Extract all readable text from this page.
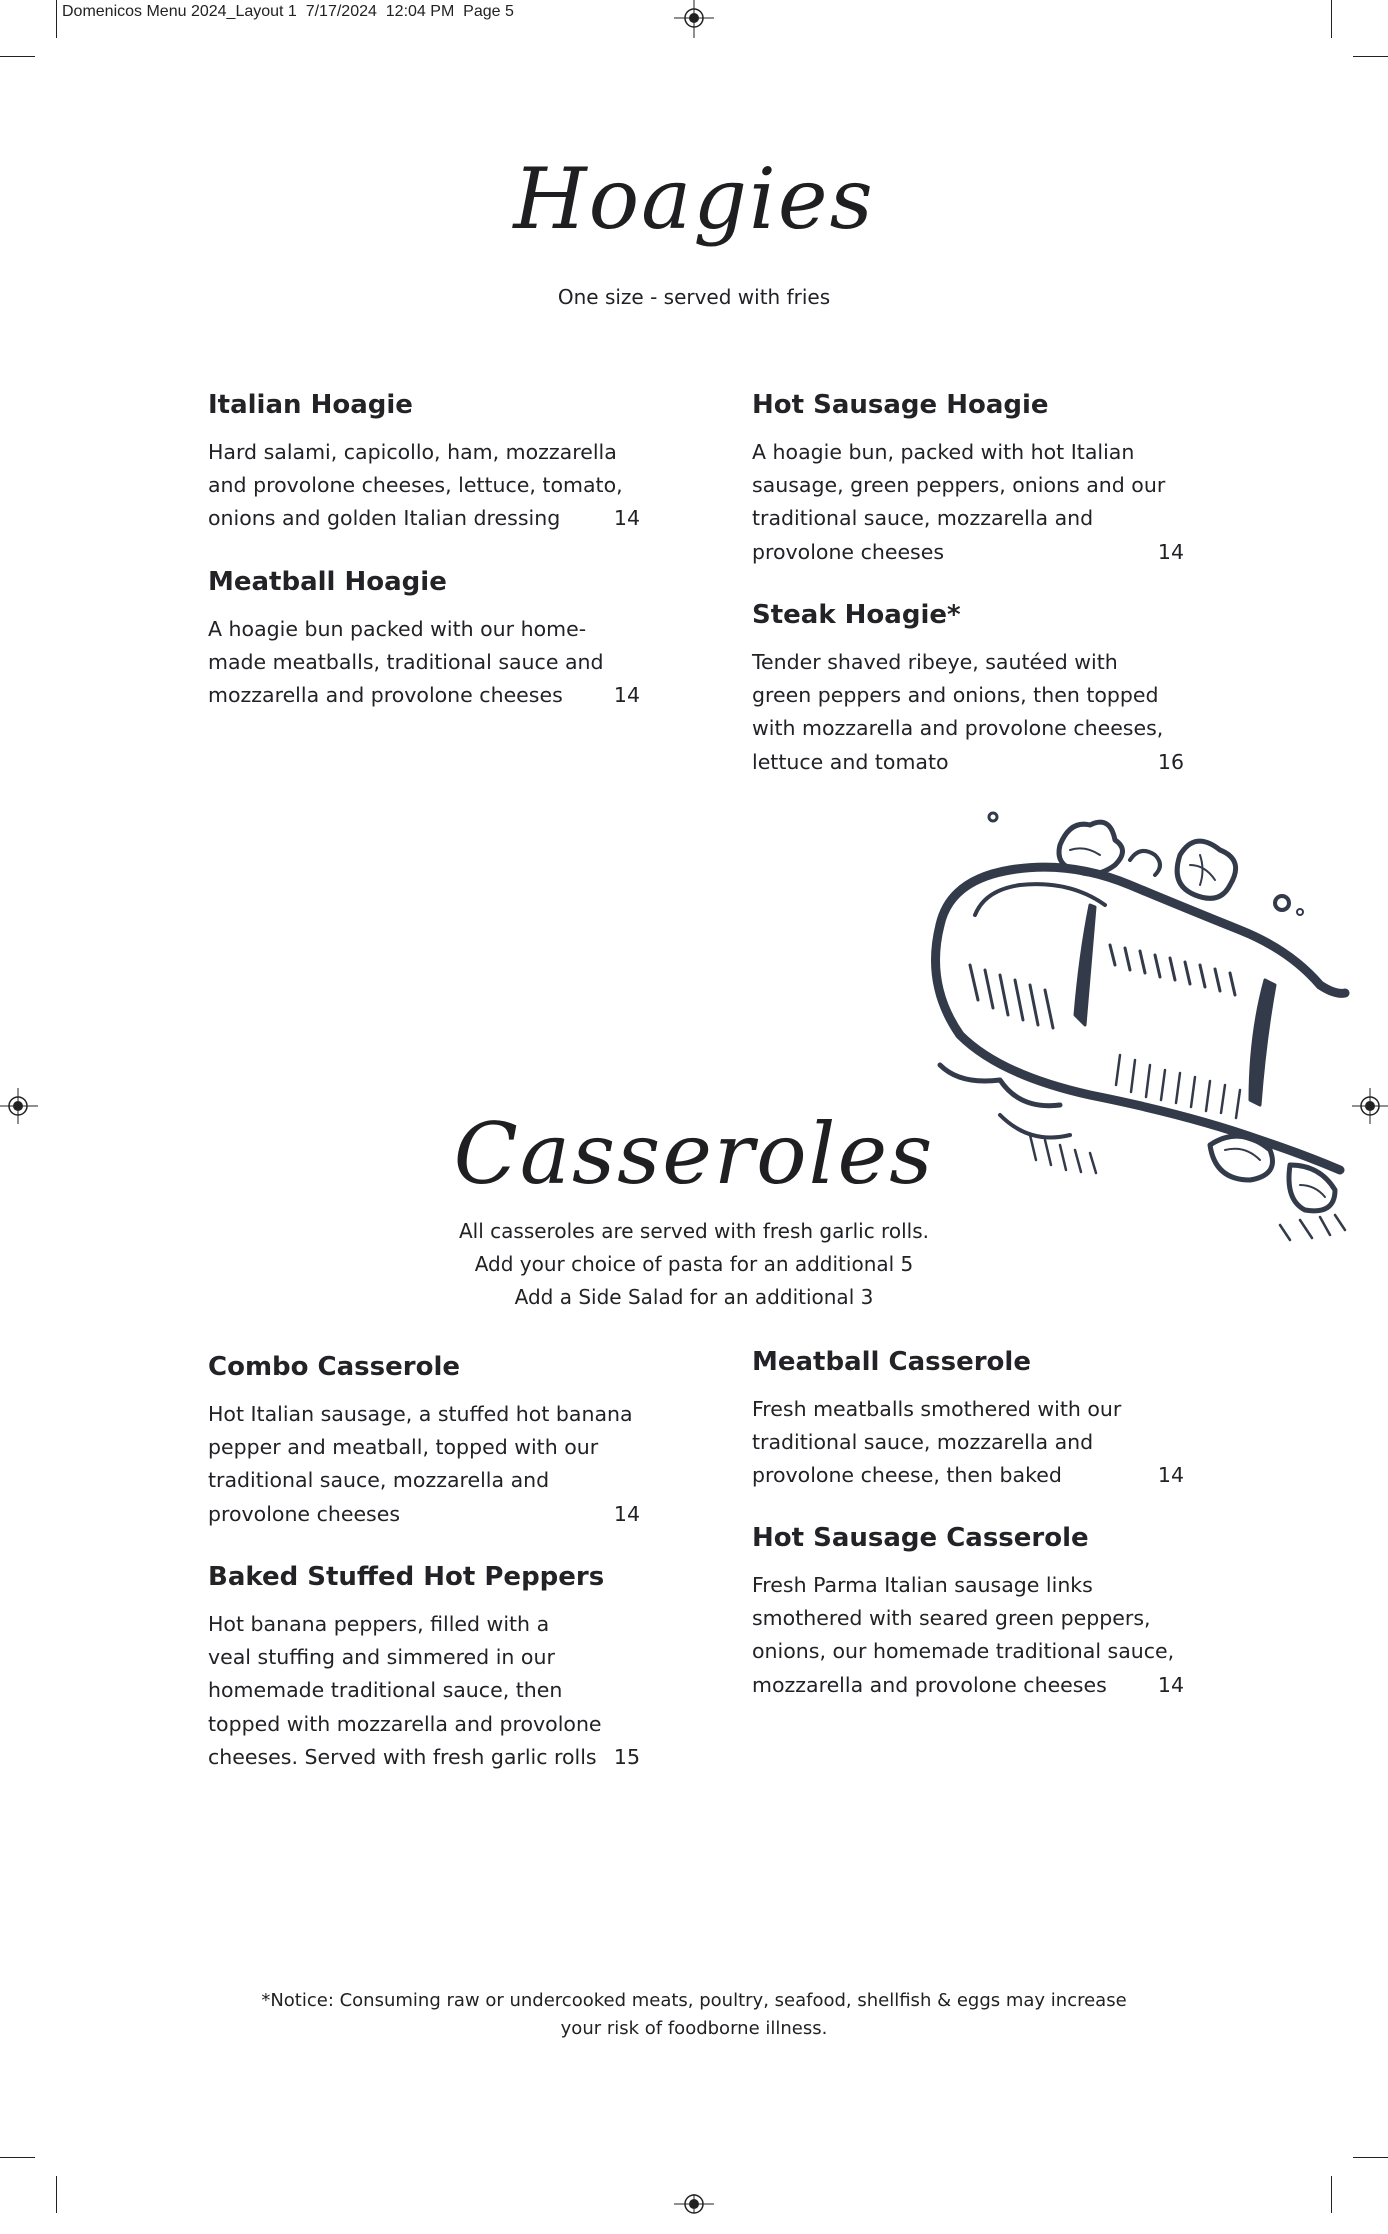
Domenicos Menu 2024_Layout 1  7/17/2024  12:04 PM  Page 5
Hoagies
One size - served with fries
Italian Hoagie
Hard salami, capicollo, ham, mozzarella
and provolone cheeses, lettuce, tomato,
onions and golden Italian dressing	14
Meatball Hoagie
A hoagie bun packed with our home-
made meatballs, traditional sauce and
mozzarella and provolone cheeses 14
Hot Sausage Hoagie
A hoagie bun, packed with hot Italian
sausage, green peppers, onions and our
traditional sauce, mozzarella and
provolone cheeses	14
Steak Hoagie*
Tender shaved ribeye, sautéed with
green peppers and onions, then topped
with mozzarella and provolone cheeses,
lettuce and tomato	16
Casseroles
All casseroles are served with fresh garlic rolls.
Add your choice of pasta for an additional 5
Add a Side Salad for an additional 3
Combo Casserole
Hot Italian sausage, a stuffed hot banana
pepper and meatball, topped with our
traditional sauce, mozzarella and
provolone cheeses	14
Baked Stuffed Hot Peppers
Hot banana peppers, filled with a
veal stuffing and simmered in our
homemade traditional sauce, then
topped with mozzarella and provolone
cheeses. Served with fresh garlic rolls 15
Meatball Casserole
Fresh meatballs smothered with our
traditional sauce, mozzarella and
provolone cheese, then baked	14
Hot Sausage Casserole
Fresh Parma Italian sausage links
smothered with seared green peppers,
onions, our homemade traditional sauce,
mozzarella and provolone cheeses 14
*Notice: Consuming raw or undercooked meats, poultry, seafood, shellfish & eggs may increase
your risk of foodborne illness.
